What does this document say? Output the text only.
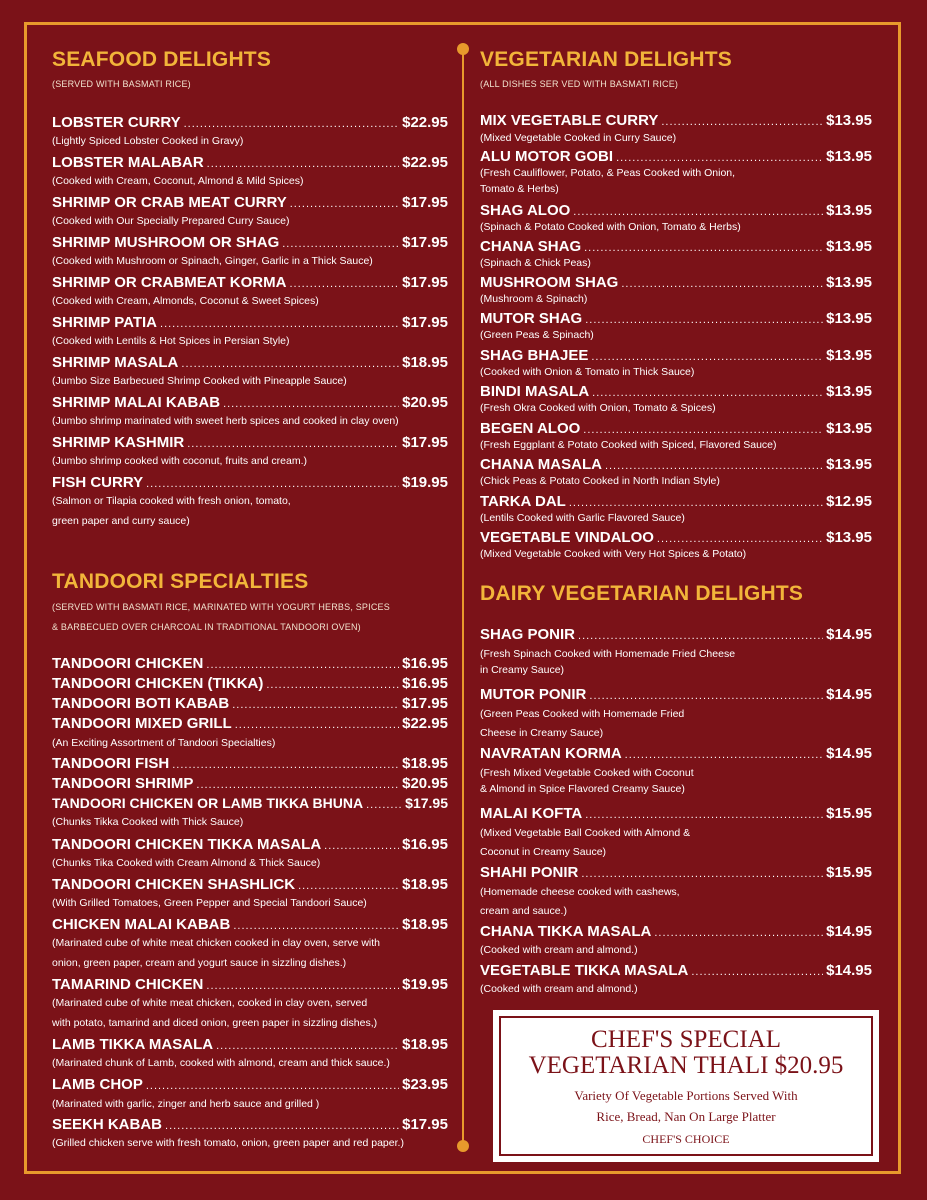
SEAFOOD DELIGHTS
(SERVED WITH BASMATI RICE)
LOBSTER CURRY .....	$22.95
(Lightly Spiced Lobster Cooked in Gravy)
LOBSTER MALABAR .....	$22.95
(Cooked with Cream, Coconut, Almond & Mild Spices)
SHRIMP OR CRAB MEAT CURRY .....	$17.95
(Cooked with Our Specially Prepared Curry Sauce)
SHRIMP MUSHROOM OR SHAG .....	$17.95
(Cooked with Mushroom or Spinach, Ginger, Garlic in a Thick Sauce)
SHRIMP OR CRABMEAT KORMA .....	$17.95
(Cooked with Cream, Almonds, Coconut & Sweet Spices)
SHRIMP PATIA .....	$17.95
(Cooked with Lentils & Hot Spices in Persian Style)
SHRIMP MASALA .....	$18.95
(Jumbo Size Barbecued Shrimp Cooked with Pineapple Sauce)
SHRIMP MALAI KABAB .....	$20.95
(Jumbo shrimp marinated with sweet herb spices and cooked in clay oven)
SHRIMP KASHMIR .....	$17.95
(Jumbo shrimp cooked with coconut, fruits and cream.)
FISH CURRY .....	$19.95
(Salmon or Tilapia cooked with fresh onion, tomato,
green paper and curry sauce)
TANDOORI SPECIALTIES
(SERVED WITH BASMATI RICE, MARINATED WITH YOGURT HERBS, SPICES
& BARBECUED OVER CHARCOAL IN TRADITIONAL TANDOORI OVEN)
TANDOORI CHICKEN .....	$16.95
TANDOORI CHICKEN (TIKKA) .....	$16.95
TANDOORI BOTI KABAB .....	$17.95
TANDOORI MIXED GRILL .....	$22.95
(An Exciting Assortment of Tandoori Specialties)
TANDOORI FISH .....	$18.95
TANDOORI SHRIMP .....	$20.95
TANDOORI CHICKEN OR LAMB TIKKA BHUNA .....	$17.95
(Chunks Tikka Cooked with Thick Sauce)
TANDOORI CHICKEN TIKKA MASALA .....	$16.95
(Chunks Tika Cooked with Cream Almond & Thick Sauce)
TANDOORI CHICKEN SHASHLICK .....	$18.95
(With Grilled Tomatoes, Green Pepper and Special Tandoori Sauce)
CHICKEN MALAI KABAB .....	$18.95
(Marinated cube of white meat chicken cooked in clay oven, serve with
onion, green paper, cream and yogurt sauce in sizzling dishes.)
TAMARIND CHICKEN .....	$19.95
(Marinated cube of white meat chicken, cooked in clay oven, served
with potato, tamarind and diced onion, green paper in sizzling dishes,)
LAMB TIKKA MASALA .....	$18.95
(Marinated chunk of Lamb, cooked with almond, cream and thick sauce.)
LAMB CHOP .....	$23.95
(Marinated with garlic, zinger and herb sauce and grilled )
SEEKH KABAB .....	$17.95
(Grilled chicken serve with fresh tomato, onion, green paper and red paper.)
VEGETARIAN DELIGHTS
(ALL DISHES SER VED WITH BASMATI RICE)
MIX VEGETABLE CURRY .....	$13.95
(Mixed Vegetable Cooked in Curry Sauce)
ALU MOTOR GOBI .....	$13.95
(Fresh Cauliflower, Potato, & Peas Cooked with Onion,
Tomato & Herbs)
SHAG ALOO .....	$13.95
(Spinach & Potato Cooked with Onion, Tomato & Herbs)
CHANA SHAG .....	$13.95
(Spinach & Chick Peas)
MUSHROOM SHAG .....	$13.95
(Mushroom & Spinach)
MUTOR SHAG .....	$13.95
(Green Peas & Spinach)
SHAG BHAJEE .....	$13.95
(Cooked with Onion & Tomato in Thick Sauce)
BINDI MASALA .....	$13.95
(Fresh Okra Cooked with Onion, Tomato & Spices)
BEGEN ALOO .....	$13.95
(Fresh Eggplant & Potato Cooked with Spiced, Flavored Sauce)
CHANA MASALA .....	$13.95
(Chick Peas & Potato Cooked in North Indian Style)
TARKA DAL .....	$12.95
(Lentils Cooked with Garlic Flavored Sauce)
VEGETABLE VINDALOO .....	$13.95
(Mixed Vegetable Cooked with Very Hot Spices & Potato)
DAIRY VEGETARIAN DELIGHTS
SHAG PONIR .....	$14.95
(Fresh Spinach Cooked with Homemade Fried Cheese
in Creamy Sauce)
MUTOR PONIR .....	$14.95
(Green Peas Cooked with Homemade Fried
Cheese in Creamy Sauce)
NAVRATAN KORMA .....	$14.95
(Fresh Mixed Vegetable Cooked with Coconut
& Almond in Spice Flavored Creamy Sauce)
MALAI KOFTA .....	$15.95
(Mixed Vegetable Ball Cooked with Almond &
Coconut in Creamy Sauce)
SHAHI PONIR .....	$15.95
(Homemade cheese cooked with cashews,
cream and sauce.)
CHANA TIKKA MASALA .....	$14.95
(Cooked with cream and almond.)
VEGETABLE TIKKA MASALA .....	$14.95
(Cooked with cream and almond.)
CHEF'S SPECIAL
VEGETARIAN THALI $20.95
Variety Of Vegetable Portions Served With
Rice, Bread, Nan On Large Platter
CHEF'S CHOICE
